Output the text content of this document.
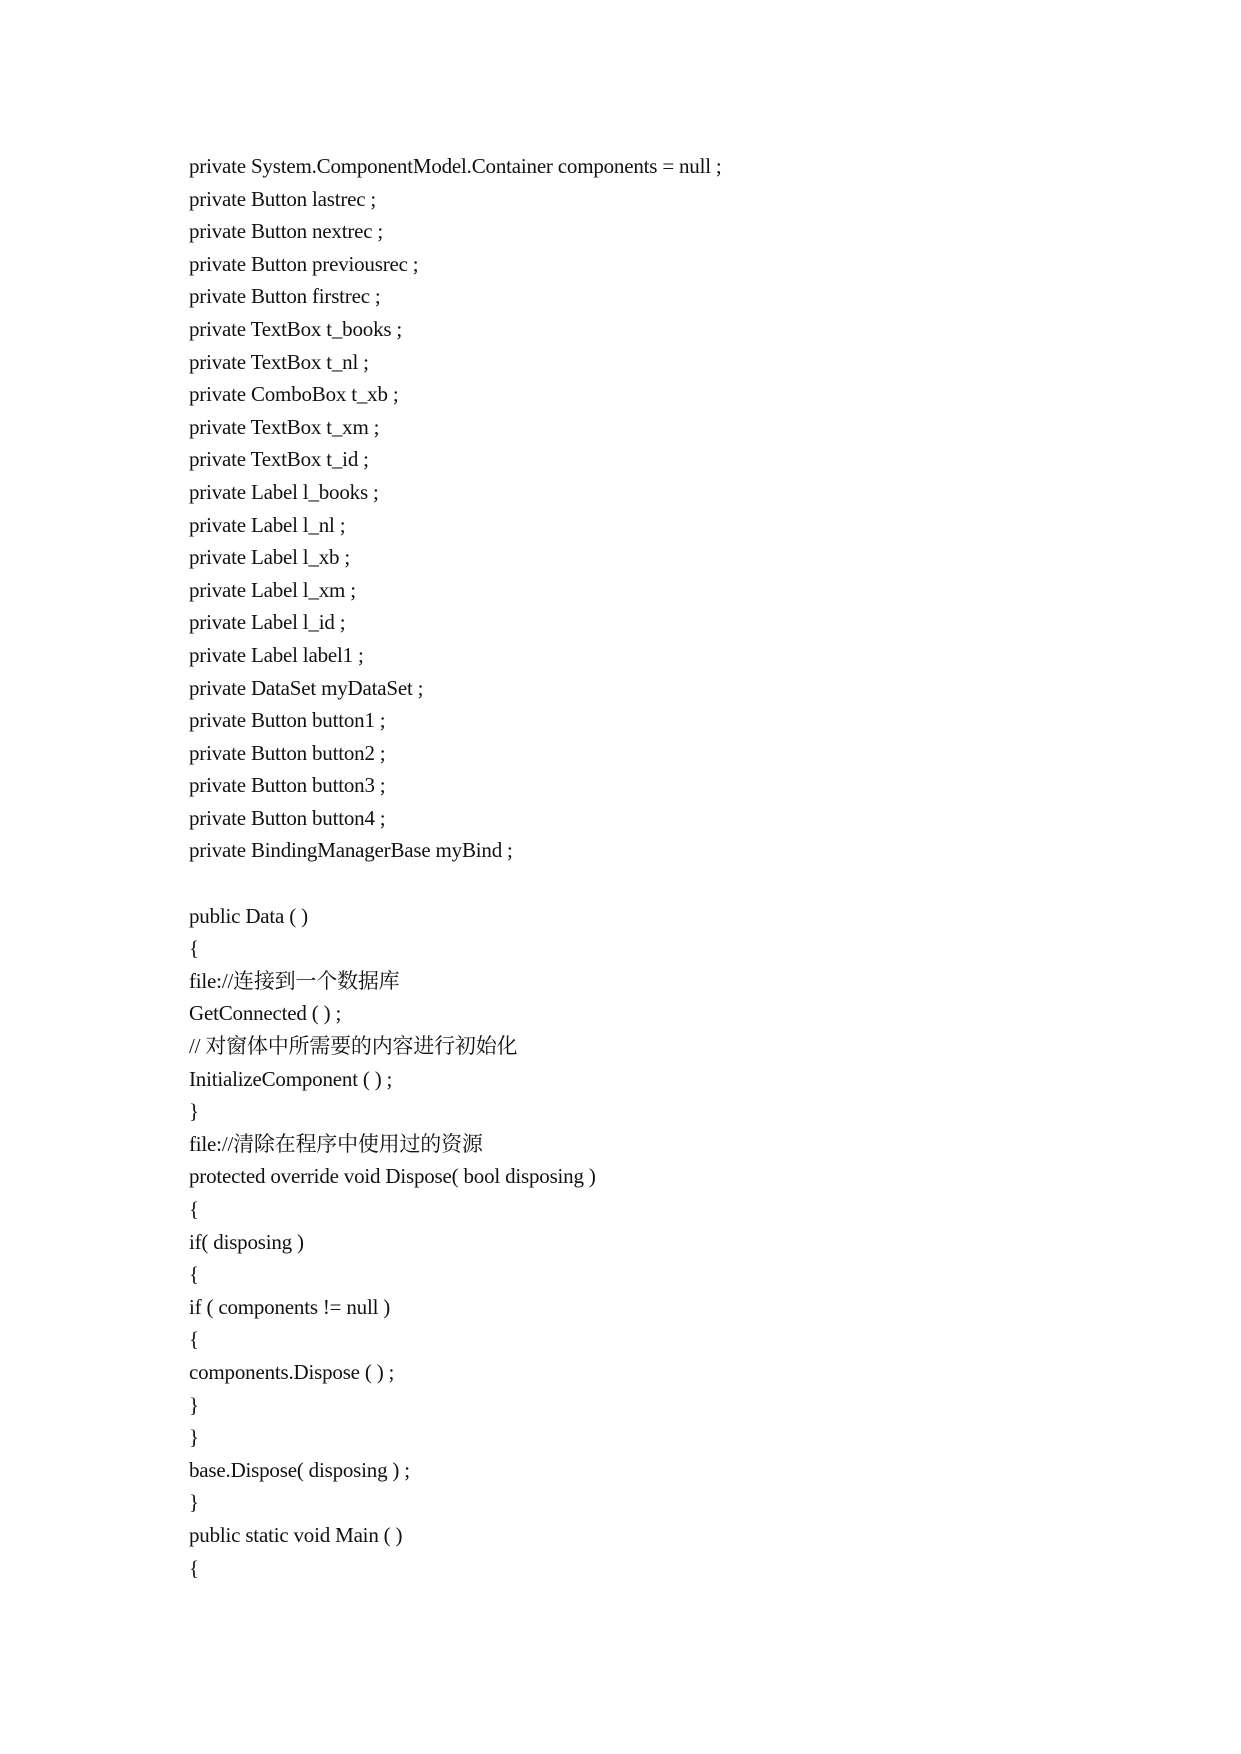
private System.ComponentModel.Container components = null ;
private Button lastrec ;
private Button nextrec ;
private Button previousrec ;
private Button firstrec ;
private TextBox t_books ;
private TextBox t_nl ;
private ComboBox t_xb ;
private TextBox t_xm ;
private TextBox t_id ;
private Label l_books ;
private Label l_nl ;
private Label l_xb ;
private Label l_xm ;
private Label l_id ;
private Label label1 ;
private DataSet myDataSet ;
private Button button1 ;
private Button button2 ;
private Button button3 ;
private Button button4 ;
private BindingManagerBase myBind ;
public Data ( )
{
file://连接到一个数据库
GetConnected ( ) ;
// 对窗体中所需要的内容进行初始化
InitializeComponent ( ) ;
}
file://清除在程序中使用过的资源
protected override void Dispose( bool disposing )
{
if( disposing )
{
if ( components != null )
{
components.Dispose ( ) ;
}
}
base.Dispose( disposing ) ;
}
public static void Main ( )
{
